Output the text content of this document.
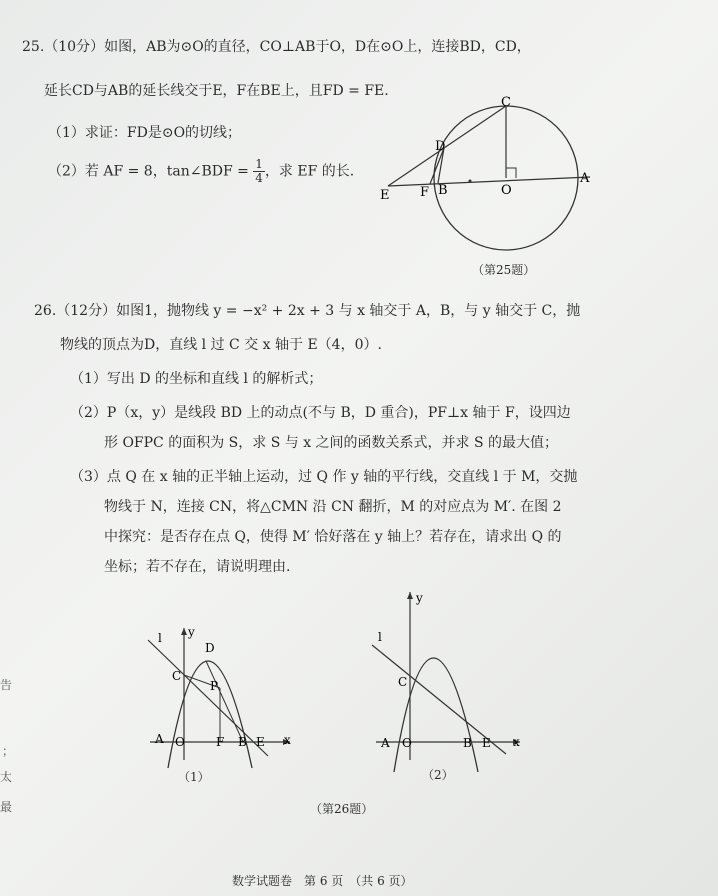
25.（10分）如图，AB为⊙O的直径，CO⊥AB于O，D在⊙O上，连接BD，CD，
延长CD与AB的延长线交于E，F在BE上，且FD = FE.
（1）求证：FD是⊙O的切线；
（2）若 AF = 8，tan∠BDF = $\frac{1}{4}$ ，求 EF 的长.
C
D
E F B	O
A
（第25题）
26.（12分）如图1，抛物线 y = −x² + 2x + 3 与 x 轴交于 A，B，与 y 轴交于 C，抛
物线的顶点为D，直线 l 过 C 交 x 轴于 E（4，0）.
（1）写出 D 的坐标和直线 l 的解析式；
（2）P（x，y）是线段 BD 上的动点(不与 B，D 重合)，PF⊥x 轴于 F，设四边
形 OFPC 的面积为 S，求 S 与 x 之间的函数关系式，并求 S 的最大值；
（3）点 Q 在 x 轴的正半轴上运动，过 Q 作 y 轴的平行线，交直线 l 于 M，交抛
物线于 N，连接 CN，将△CMN 沿 CN 翻折，M 的对应点为 M′. 在图 2
中探究：是否存在点 Q，使得 M′ 恰好落在 y 轴上？若存在，请求出 Q 的
坐标；若不存在，请说明理由.
l y
D
C
P
A O	F B E x
（1）
y
l
C
A O	B E x
（2）
（第26题）
告
；
太
最
数学试题卷　第 6 页　（共 6 页）
